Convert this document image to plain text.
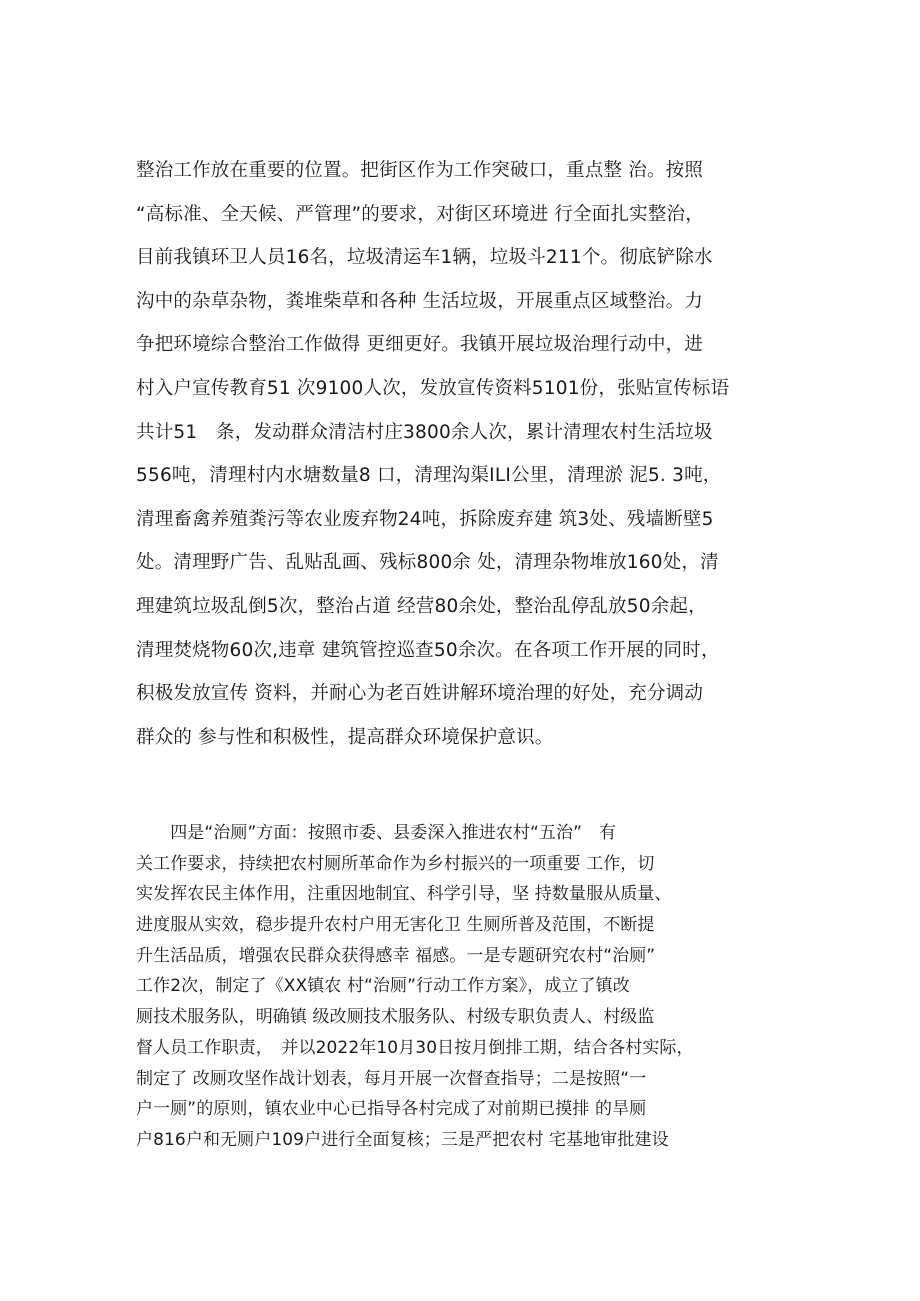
整治工作放在重要的位置。把街区作为工作突破口，重点整 治。按照
“高标准、全天候、严管理”的要求，对街区环境进 行全面扎实整治，
目前我镇环卫人员16名，垃圾清运车1辆，垃圾斗211个。彻底铲除水
沟中的杂草杂物，粪堆柴草和各种 生活垃圾，开展重点区域整治。力
争把环境综合整治工作做得 更细更好。我镇开展垃圾治理行动中，进
村入户宣传教育51 次9100人次，发放宣传资料5101份，张贴宣传标语
共计51　条，发动群众清洁村庄3800余人次，累计清理农村生活垃圾
556吨，清理村内水塘数量8 口，清理沟渠ILI公里，清理淤 泥5. 3吨，
清理畜禽养殖粪污等农业废弃物24吨，拆除废弃建 筑3处、残墙断壁5
处。清理野广告、乱贴乱画、残标800余 处，清理杂物堆放160处，清
理建筑垃圾乱倒5次，整治占道 经营80余处，整治乱停乱放50余起，
清理焚烧物60次,违章 建筑管控巡查50余次。在各项工作开展的同时，
积极发放宣传 资料，并耐心为老百姓讲解环境治理的好处，充分调动
群众的 参与性和积极性，提高群众环境保护意识。
　　四是“治厕”方面：按照市委、县委深入推进农村“五治”　有
关工作要求，持续把农村厕所革命作为乡村振兴的一项重要 工作，切
实发挥农民主体作用，注重因地制宜、科学引导，坚 持数量服从质量、
进度服从实效，稳步提升农村户用无害化卫 生厕所普及范围，不断提
升生活品质，增强农民群众获得感幸 福感。一是专题研究农村“治厕”
工作2次，制定了《XX镇农 村“治厕”行动工作方案》，成立了镇改
厕技术服务队，明确镇 级改厕技术服务队、村级专职负责人、村级监
督人员工作职责，　并以2022年10月30日按月倒排工期，结合各村实际，
制定了 改厕攻坚作战计划表，每月开展一次督查指导；二是按照“一
户一厕”的原则，镇农业中心已指导各村完成了对前期已摸排 的旱厕
户816户和无厕户109户进行全面复核；三是严把农村 宅基地审批建设
